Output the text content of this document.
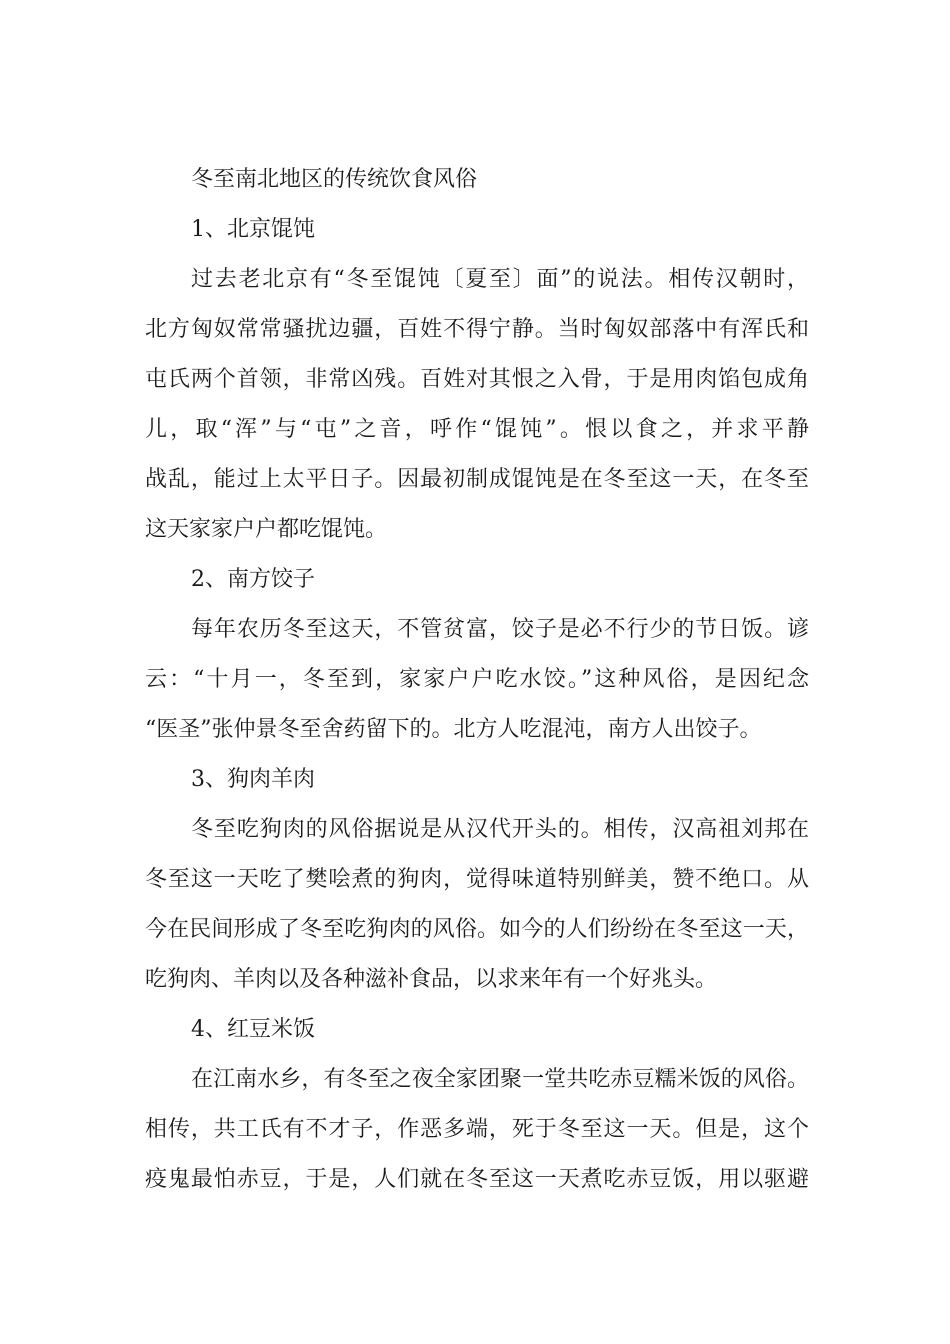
冬至南北地区的传统饮食风俗
1、北京馄饨
过去老北京有“冬至馄饨〔夏至〕面”的说法。相传汉朝时，
北方匈奴常常骚扰边疆，百姓不得宁静。当时匈奴部落中有浑氏和
屯氏两个首领，非常凶残。百姓对其恨之入骨，于是用肉馅包成角
儿，取“浑”与“屯”之音，呼作“馄饨”。恨以食之，并求平静
战乱，能过上太平日子。因最初制成馄饨是在冬至这一天，在冬至
这天家家户户都吃馄饨。
2、南方饺子
每年农历冬至这天，不管贫富，饺子是必不行少的节日饭。谚
云：“十月一，冬至到，家家户户吃水饺。”这种风俗，是因纪念
“医圣”张仲景冬至舍药留下的。北方人吃混沌，南方人出饺子。
3、狗肉羊肉
冬至吃狗肉的风俗据说是从汉代开头的。相传，汉高祖刘邦在
冬至这一天吃了樊哙煮的狗肉，觉得味道特别鲜美，赞不绝口。从
今在民间形成了冬至吃狗肉的风俗。如今的人们纷纷在冬至这一天，
吃狗肉、羊肉以及各种滋补食品，以求来年有一个好兆头。
4、红豆米饭
在江南水乡，有冬至之夜全家团聚一堂共吃赤豆糯米饭的风俗。
相传，共工氏有不才子，作恶多端，死于冬至这一天。但是，这个
疫鬼最怕赤豆，于是，人们就在冬至这一天煮吃赤豆饭，用以驱避
